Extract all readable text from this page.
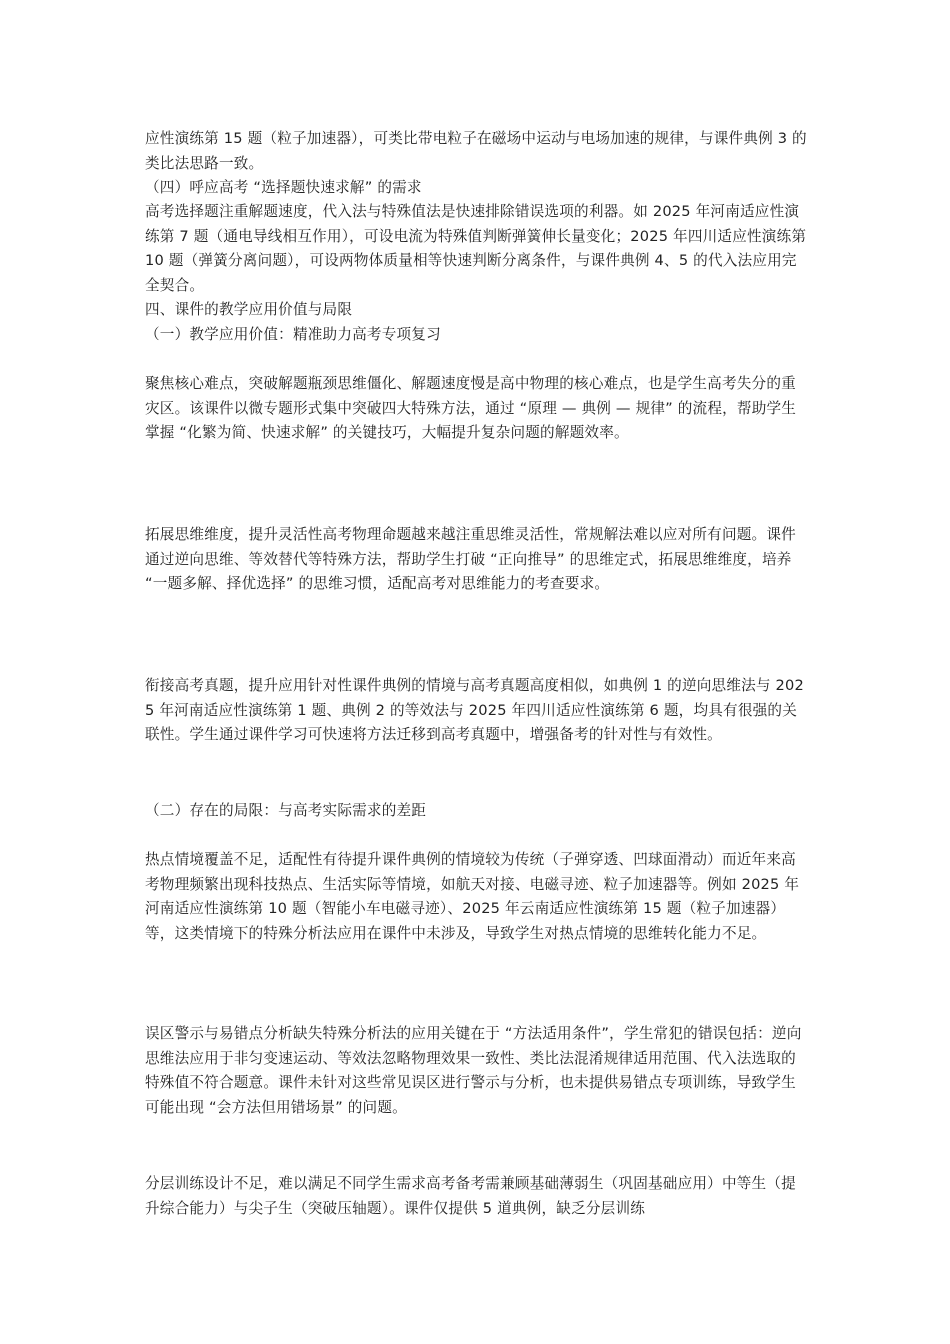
应性演练第 15 题（粒子加速器），可类比带电粒子在磁场中运动与电场加速的规律，与课件典例 3 的类比法思路一致。

（四）呼应高考 “选择题快速求解” 的需求

高考选择题注重解题速度，代入法与特殊值法是快速排除错误选项的利器。如 2025 年河南适应性演练第 7 题（通电导线相互作用），可设电流为特殊值判断弹簧伸长量变化；2025 年四川适应性演练第 10 题（弹簧分离问题），可设两物体质量相等快速判断分离条件，与课件典例 4、5 的代入法应用完全契合。

四、课件的教学应用价值与局限

（一）教学应用价值：精准助力高考专项复习

聚焦核心难点，突破解题瓶颈思维僵化、解题速度慢是高中物理的核心难点，也是学生高考失分的重灾区。该课件以微专题形式集中突破四大特殊方法，通过 “原理 — 典例 — 规律” 的流程，帮助学生掌握 “化繁为简、快速求解” 的关键技巧，大幅提升复杂问题的解题效率。

拓展思维维度，提升灵活性高考物理命题越来越注重思维灵活性，常规解法难以应对所有问题。课件通过逆向思维、等效替代等特殊方法，帮助学生打破 “正向推导” 的思维定式，拓展思维维度，培养 “一题多解、择优选择” 的思维习惯，适配高考对思维能力的考查要求。

衔接高考真题，提升应用针对性课件典例的情境与高考真题高度相似，如典例 1 的逆向思维法与 2025 年河南适应性演练第 1 题、典例 2 的等效法与 2025 年四川适应性演练第 6 题，均具有很强的关联性。学生通过课件学习可快速将方法迁移到高考真题中，增强备考的针对性与有效性。

（二）存在的局限：与高考实际需求的差距

热点情境覆盖不足，适配性有待提升课件典例的情境较为传统（子弹穿透、凹球面滑动）而近年来高考物理频繁出现科技热点、生活实际等情境，如航天对接、电磁寻迹、粒子加速器等。例如 2025 年河南适应性演练第 10 题（智能小车电磁寻迹）、2025 年云南适应性演练第 15 题（粒子加速器）等，这类情境下的特殊分析法应用在课件中未涉及，导致学生对热点情境的思维转化能力不足。

误区警示与易错点分析缺失特殊分析法的应用关键在于 “方法适用条件”，学生常犯的错误包括：逆向思维法应用于非匀变速运动、等效法忽略物理效果一致性、类比法混淆规律适用范围、代入法选取的特殊值不符合题意。课件未针对这些常见误区进行警示与分析，也未提供易错点专项训练，导致学生可能出现 “会方法但用错场景” 的问题。

分层训练设计不足，难以满足不同学生需求高考备考需兼顾基础薄弱生（巩固基础应用）中等生（提升综合能力）与尖子生（突破压轴题）。课件仅提供 5 道典例，缺乏分层训练
